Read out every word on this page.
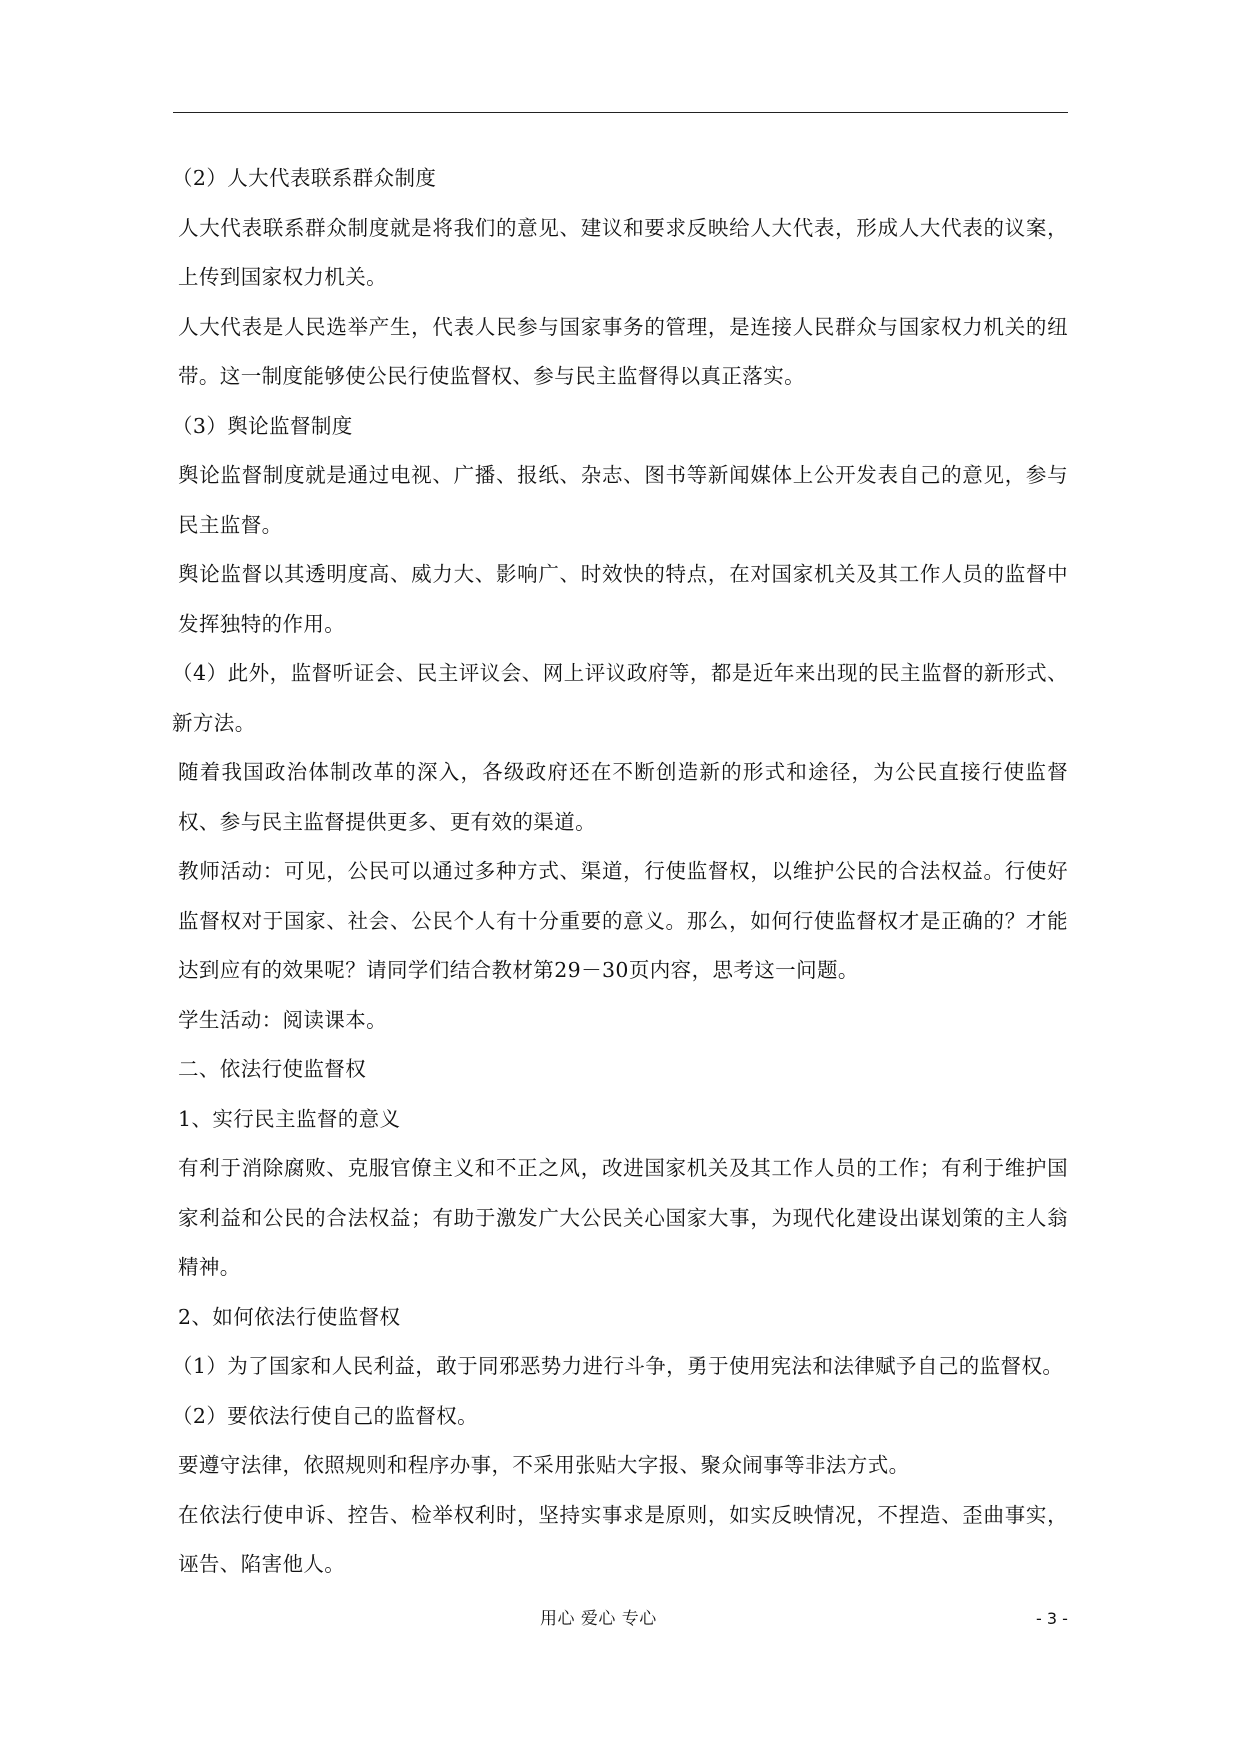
（2）人大代表联系群众制度

人大代表联系群众制度就是将我们的意见、建议和要求反映给人大代表，形成人大代表的议案，上传到国家权力机关。

人大代表是人民选举产生，代表人民参与国家事务的管理，是连接人民群众与国家权力机关的纽带。这一制度能够使公民行使监督权、参与民主监督得以真正落实。

（3）舆论监督制度

舆论监督制度就是通过电视、广播、报纸、杂志、图书等新闻媒体上公开发表自己的意见，参与民主监督。

舆论监督以其透明度高、威力大、影响广、时效快的特点，在对国家机关及其工作人员的监督中发挥独特的作用。

（4）此外，监督听证会、民主评议会、网上评议政府等，都是近年来出现的民主监督的新形式、新方法。

随着我国政治体制改革的深入，各级政府还在不断创造新的形式和途径，为公民直接行使监督权、参与民主监督提供更多、更有效的渠道。

教师活动：可见，公民可以通过多种方式、渠道，行使监督权，以维护公民的合法权益。行使好监督权对于国家、社会、公民个人有十分重要的意义。那么，如何行使监督权才是正确的？才能达到应有的效果呢？请同学们结合教材第29－30页内容，思考这一问题。

学生活动：阅读课本。

二、依法行使监督权

1、实行民主监督的意义

有利于消除腐败、克服官僚主义和不正之风，改进国家机关及其工作人员的工作；有利于维护国家利益和公民的合法权益；有助于激发广大公民关心国家大事，为现代化建设出谋划策的主人翁精神。

2、如何依法行使监督权

（1）为了国家和人民利益，敢于同邪恶势力进行斗争，勇于使用宪法和法律赋予自己的监督权。

（2）要依法行使自己的监督权。

要遵守法律，依照规则和程序办事，不采用张贴大字报、聚众闹事等非法方式。

在依法行使申诉、控告、检举权利时，坚持实事求是原则，如实反映情况，不捏造、歪曲事实，诬告、陷害他人。

用心 爱心 专心	- 3 -
